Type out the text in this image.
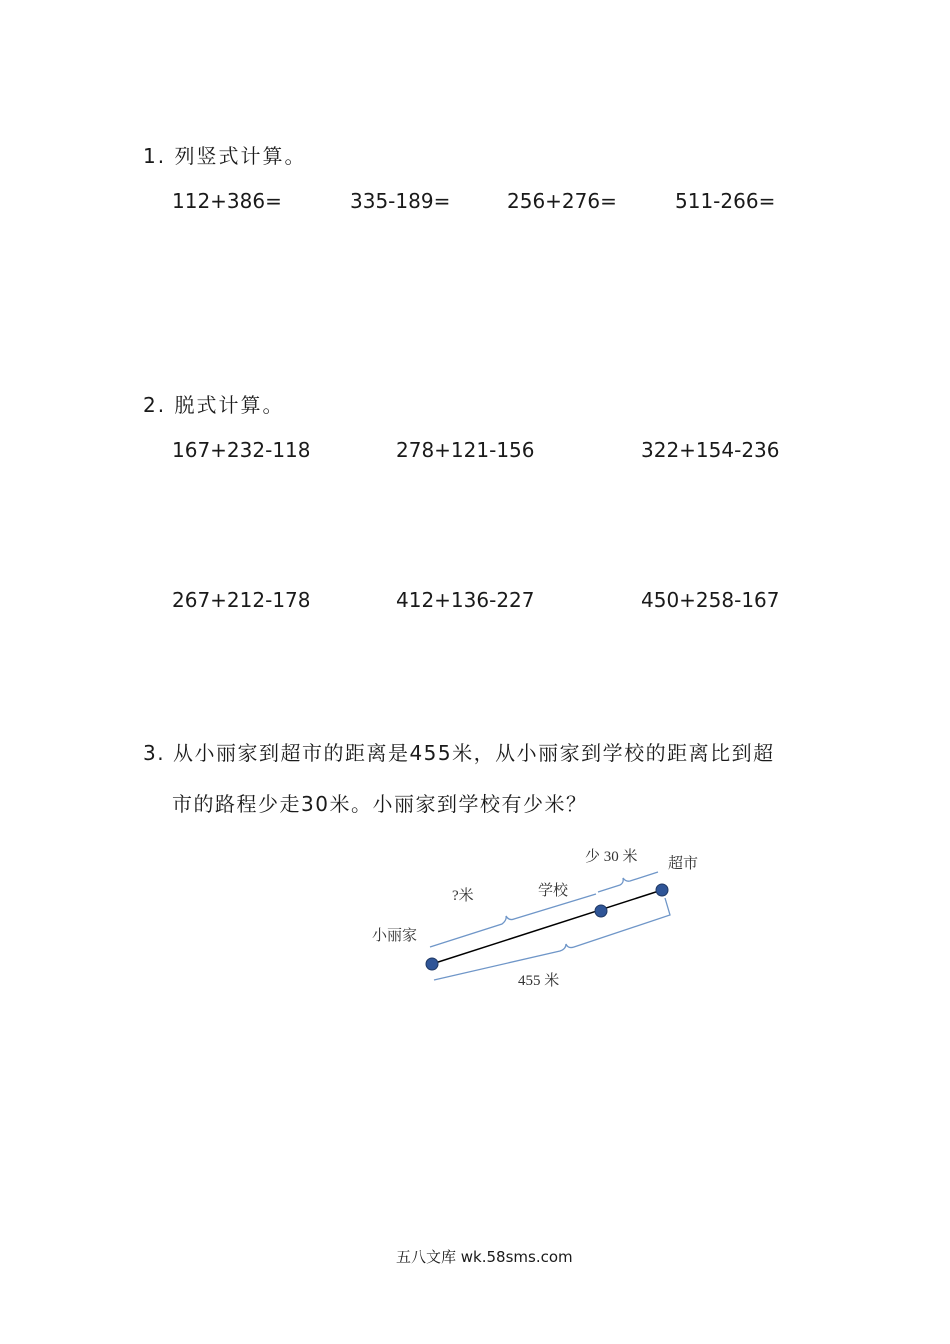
1. 列竖式计算。
112+386=	335-189=	256+276=	511-266=
2. 脱式计算。
167+232-118	278+121-156	322+154-236
267+212-178	412+136-227	450+258-167
3. 从小丽家到超市的距离是455米，从小丽家到学校的距离比到超
市的路程少走30米。小丽家到学校有少米？
小丽家
学校
超市
?米
少 30 米
455 米
五八文库 wk.58sms.com
